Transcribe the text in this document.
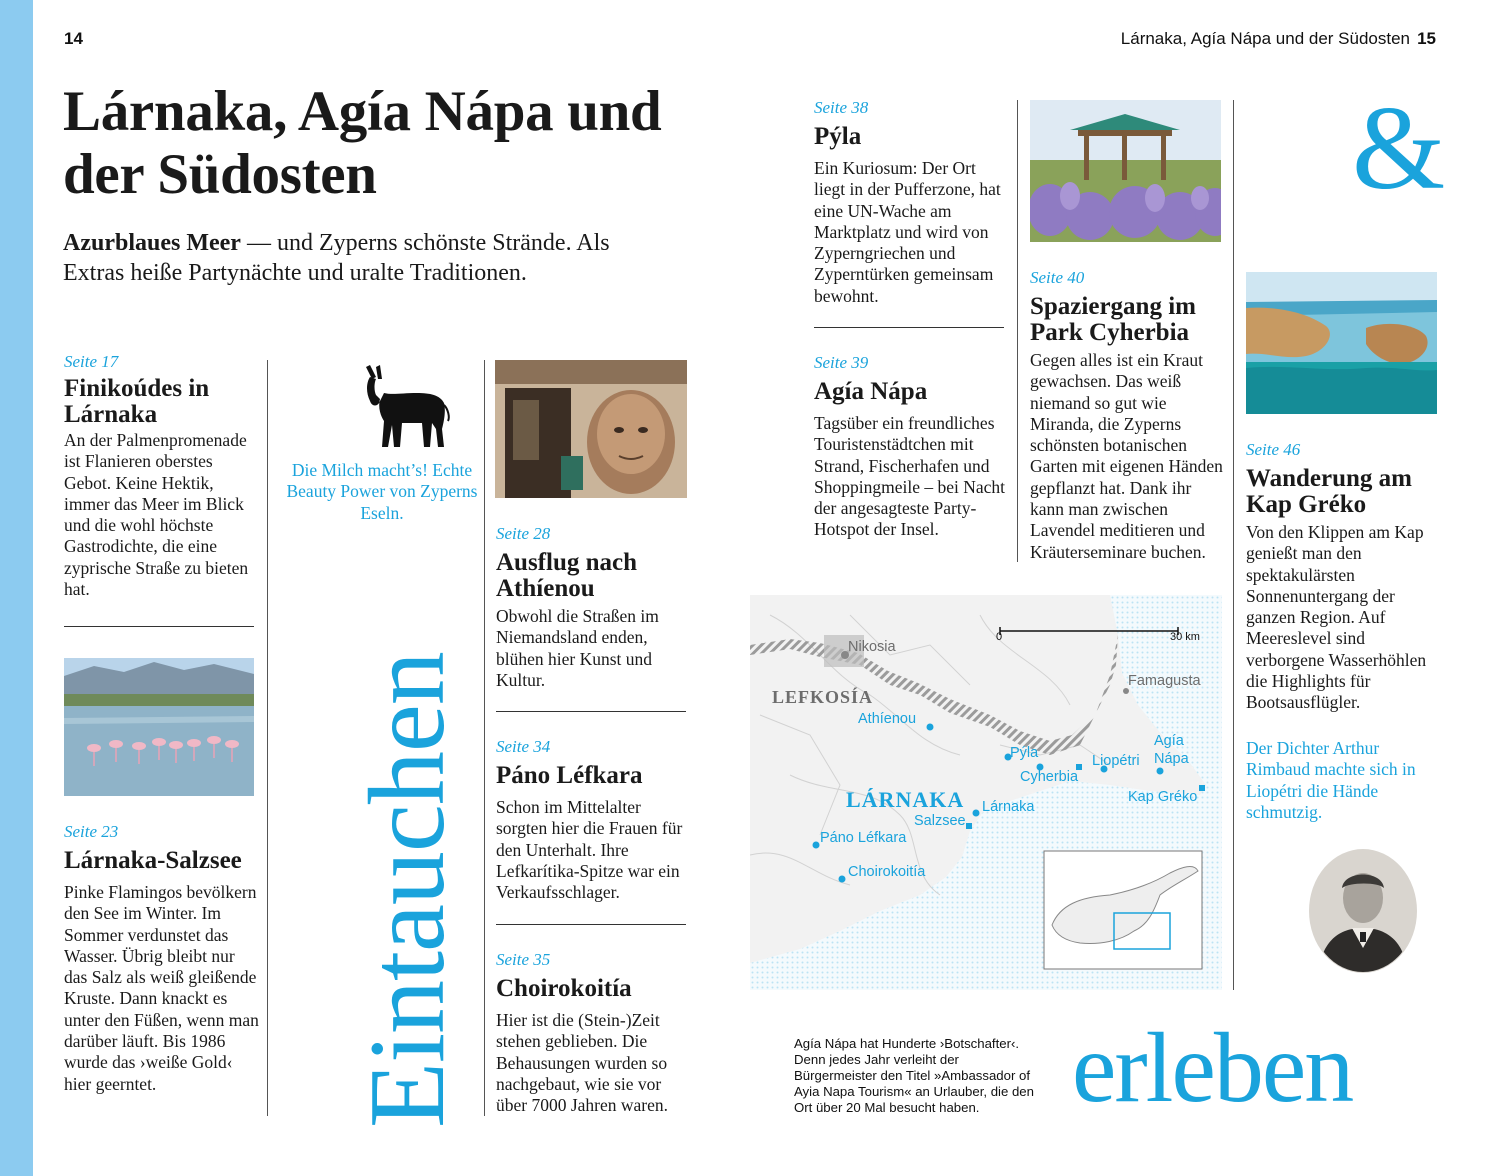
14	Lárnaka, Agía Nápa und der Südosten 15
Lárnaka, Agía Nápa und
der Südosten
Azurblaues Meer — und Zyperns schönste Strände. Als Extras heiße Partynächte und uralte Traditionen.
Seite 17
Finikoúdes in Lárnaka
An der Palmenpromenade ist Flanieren oberstes Gebot. Keine Hektik, immer das Meer im Blick und die wohl höchste Gastrodichte, die eine zyprische Straße zu bieten hat.
Seite 23
Lárnaka-Salzsee
Pinke Flamingos bevölkern den See im Winter. Im Sommer verdunstet das Wasser. Übrig bleibt nur das Salz als weiß gleißende Kruste. Dann knackt es unter den Füßen, wenn man darüber läuft. Bis 1986 wurde das ›weiße Gold‹ hier geerntet.
Die Milch macht’s! Echte Beauty Power von Zyperns Eseln.
Eintauchen
Seite 28
Ausflug nach Athíenou
Obwohl die Straßen im Niemandsland enden, blühen hier Kunst und Kultur.
Seite 34
Páno Léfkara
Schon im Mittelalter sorgten hier die Frauen für den Unterhalt. Ihre Lefkarítika-Spitze war ein Verkaufsschlager.
Seite 35
Choirokoitía
Hier ist die (Stein-)Zeit stehen geblieben. Die Behausungen wurden so nachgebaut, wie sie vor über 7000 Jahren waren.
Seite 38
Pýla
Ein Kuriosum: Der Ort liegt in der Pufferzone, hat eine UN-Wache am Marktplatz und wird von Zyperngriechen und Zyperntürken gemeinsam bewohnt.
Seite 39
Agía Nápa
Tagsüber ein freundliches Touristenstädtchen mit Strand, Fischerhafen und Shoppingmeile – bei Nacht der angesagteste Party-Hotspot der Insel.
Seite 40
Spaziergang im Park Cyherbia
Gegen alles ist ein Kraut gewachsen. Das weiß niemand so gut wie Miranda, die Zyperns schönsten botanischen Garten mit eigenen Händen gepflanzt hat. Dank ihr kann man zwischen Lavendel meditieren und Kräuterseminare buchen.
&
Seite 46
Wanderung am Kap Gréko
Von den Klippen am Kap genießt man den spektakulärsten Sonnenuntergang der ganzen Region. Auf Meereslevel sind verborgene Wasserhöhlen die Highlights für Bootsausflügler.
Der Dichter Arthur Rimbaud machte sich in Liopétri die Hände schmutzig.
0	30 km
Nikosia
LEFKOSÍA
Famagusta
Athíenou
Pýla
Cyherbia
Liopétri
Agía
Nápa
Kap Gréko
LÁRNAKA Lárnaka
Salzsee
Páno Léfkara
Choirokoitía
Agía Nápa hat Hunderte ›Botschafter‹. Denn jedes Jahr verleiht der Bürgermeister den Titel »Ambassador of Ayia Napa Tourism« an Urlauber, die den Ort über 20 Mal besucht haben. erleben
